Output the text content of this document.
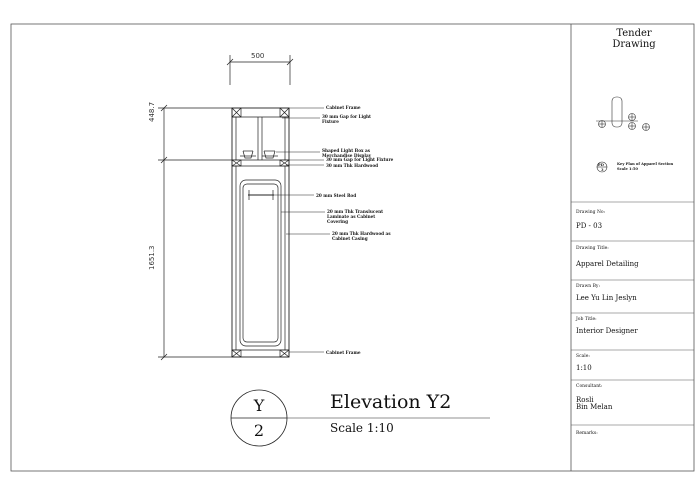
500
448.7
1651.3
Cabinet Frame
30 mm Gap for Light Fixture
Shaped Light Box as Merchandise Display
30 mm Gap for Light Fixture
30 mm Thk Hardwood
20 mm Steel Rod
20 mm Thk Translucent Laminate as Cabinet Covering
20 mm Thk Hardwood as Cabinet Casing
Cabinet Frame
Y
2
Elevation Y2
Scale 1:10
Tender
Drawing
PD
3
Key Plan of Apparel Section
Scale 1:50
Drawing No:
PD - 03
Drawing Title:
Apparel Detailing
Drawn By:
Lee Yu Lin Jeslyn
Job Title:
Interior Designer
Scale:
1:10
Consultant:
Rosli
Bin Melan
Remarks:
